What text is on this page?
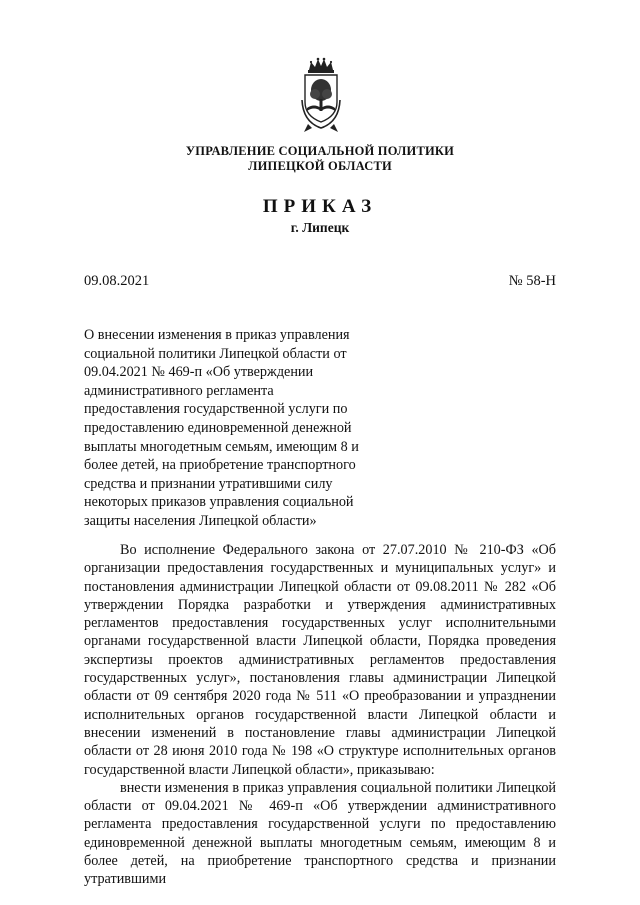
УПРАВЛЕНИЕ СОЦИАЛЬНОЙ ПОЛИТИКИ
ЛИПЕЦКОЙ ОБЛАСТИ
ПРИКАЗ
г. Липецк
09.08.2021	№ 58-Н
О внесении изменения в приказ управления
социальной политики Липецкой области от
09.04.2021 № 469-п «Об утверждении
административного регламента
предоставления государственной услуги по
предоставлению единовременной денежной
выплаты многодетным семьям, имеющим 8 и
более детей, на приобретение транспортного
средства и признании утратившими силу
некоторых приказов управления социальной
защиты населения Липецкой области»

Во исполнение Федерального закона от 27.07.2010 № 210-ФЗ «Об организации предоставления государственных и муниципальных услуг» и постановления администрации Липецкой области от 09.08.2011 № 282 «Об утверждении Порядка разработки и утверждения административных регламентов предоставления государственных услуг исполнительными органами государственной власти Липецкой области, Порядка проведения экспертизы проектов административных регламентов предоставления государственных услуг», постановления главы администрации Липецкой области от 09 сентября 2020 года № 511 «О преобразовании и упразднении исполнительных органов государственной власти Липецкой области и внесении изменений в постановление главы администрации Липецкой области от 28 июня 2010 года № 198 «О структуре исполнительных органов государственной власти Липецкой области», приказываю:

внести изменения в приказ управления социальной политики Липецкой области от 09.04.2021 № 469-п «Об утверждении административного регламента предоставления государственной услуги по предоставлению единовременной денежной выплаты многодетным семьям, имеющим 8 и более детей, на приобретение транспортного средства и признании утратившими
